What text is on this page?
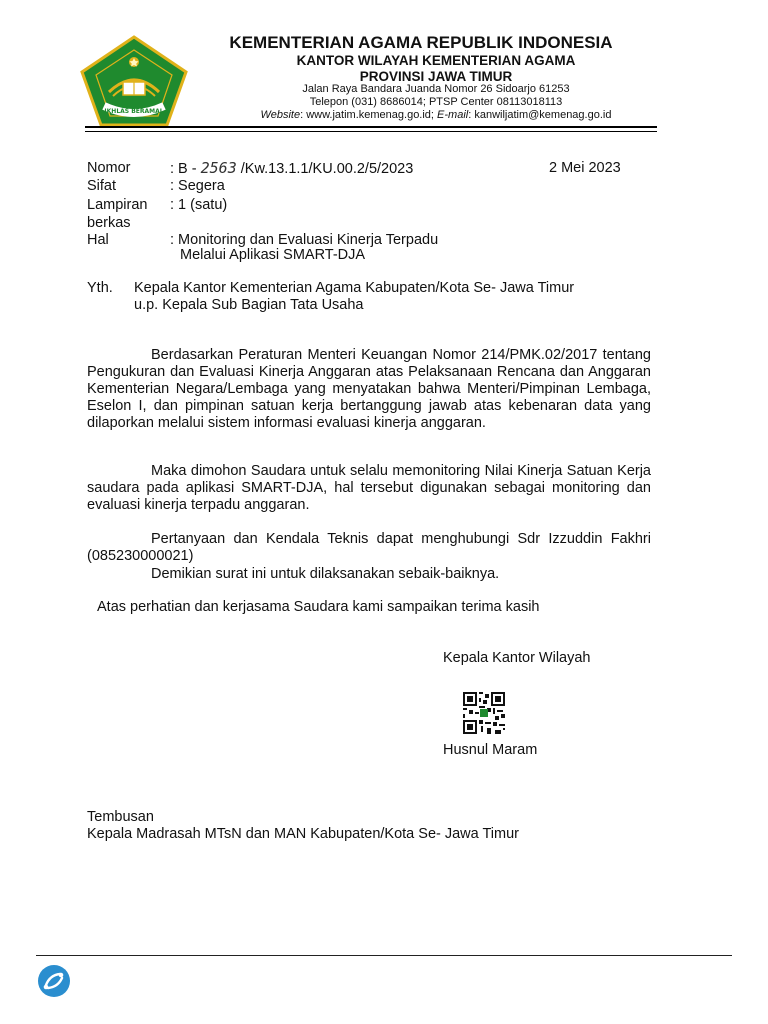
IKHLAS BERAMAL
KEMENTERIAN AGAMA REPUBLIK INDONESIA
KANTOR WILAYAH KEMENTERIAN AGAMA
PROVINSI JAWA TIMUR
Jalan Raya Bandara Juanda Nomor 26 Sidoarjo 61253
Telepon (031) 8686014; PTSP Center 08113018113
Website: www.jatim.kemenag.go.id; E-mail: kanwiljatim@kemenag.go.id
Nomor	: B - 2563 /Kw.13.1.1/KU.00.2/5/2023	2 Mei 2023
Sifat	: Segera
Lampiran : 1 (satu)
berkas
Hal	: Monitoring dan Evaluasi Kinerja Terpadu
Melalui Aplikasi SMART-DJA
Yth. Kepala Kantor Kementerian Agama Kabupaten/Kota Se- Jawa Timur
u.p. Kepala Sub Bagian Tata Usaha
Berdasarkan Peraturan Menteri Keuangan Nomor 214/PMK.02/2017 tentang Pengukuran dan Evaluasi Kinerja Anggaran atas Pelaksanaan Rencana dan Anggaran Kementerian Negara/Lembaga yang menyatakan bahwa Menteri/Pimpinan Lembaga, Eselon I, dan pimpinan satuan kerja bertanggung jawab atas kebenaran data yang dilaporkan melalui sistem informasi evaluasi kinerja anggaran.
Maka dimohon Saudara untuk selalu memonitoring Nilai Kinerja Satuan Kerja saudara pada aplikasi SMART-DJA, hal tersebut digunakan sebagai monitoring dan evaluasi kinerja terpadu anggaran.
Pertanyaan dan Kendala Teknis dapat menghubungi Sdr Izzuddin Fakhri (085230000021)
Demikian surat ini untuk dilaksanakan sebaik-baiknya.
Atas perhatian dan kerjasama Saudara kami sampaikan terima kasih
Kepala Kantor Wilayah
Husnul Maram
Tembusan
Kepala Madrasah MTsN dan MAN Kabupaten/Kota Se- Jawa Timur
